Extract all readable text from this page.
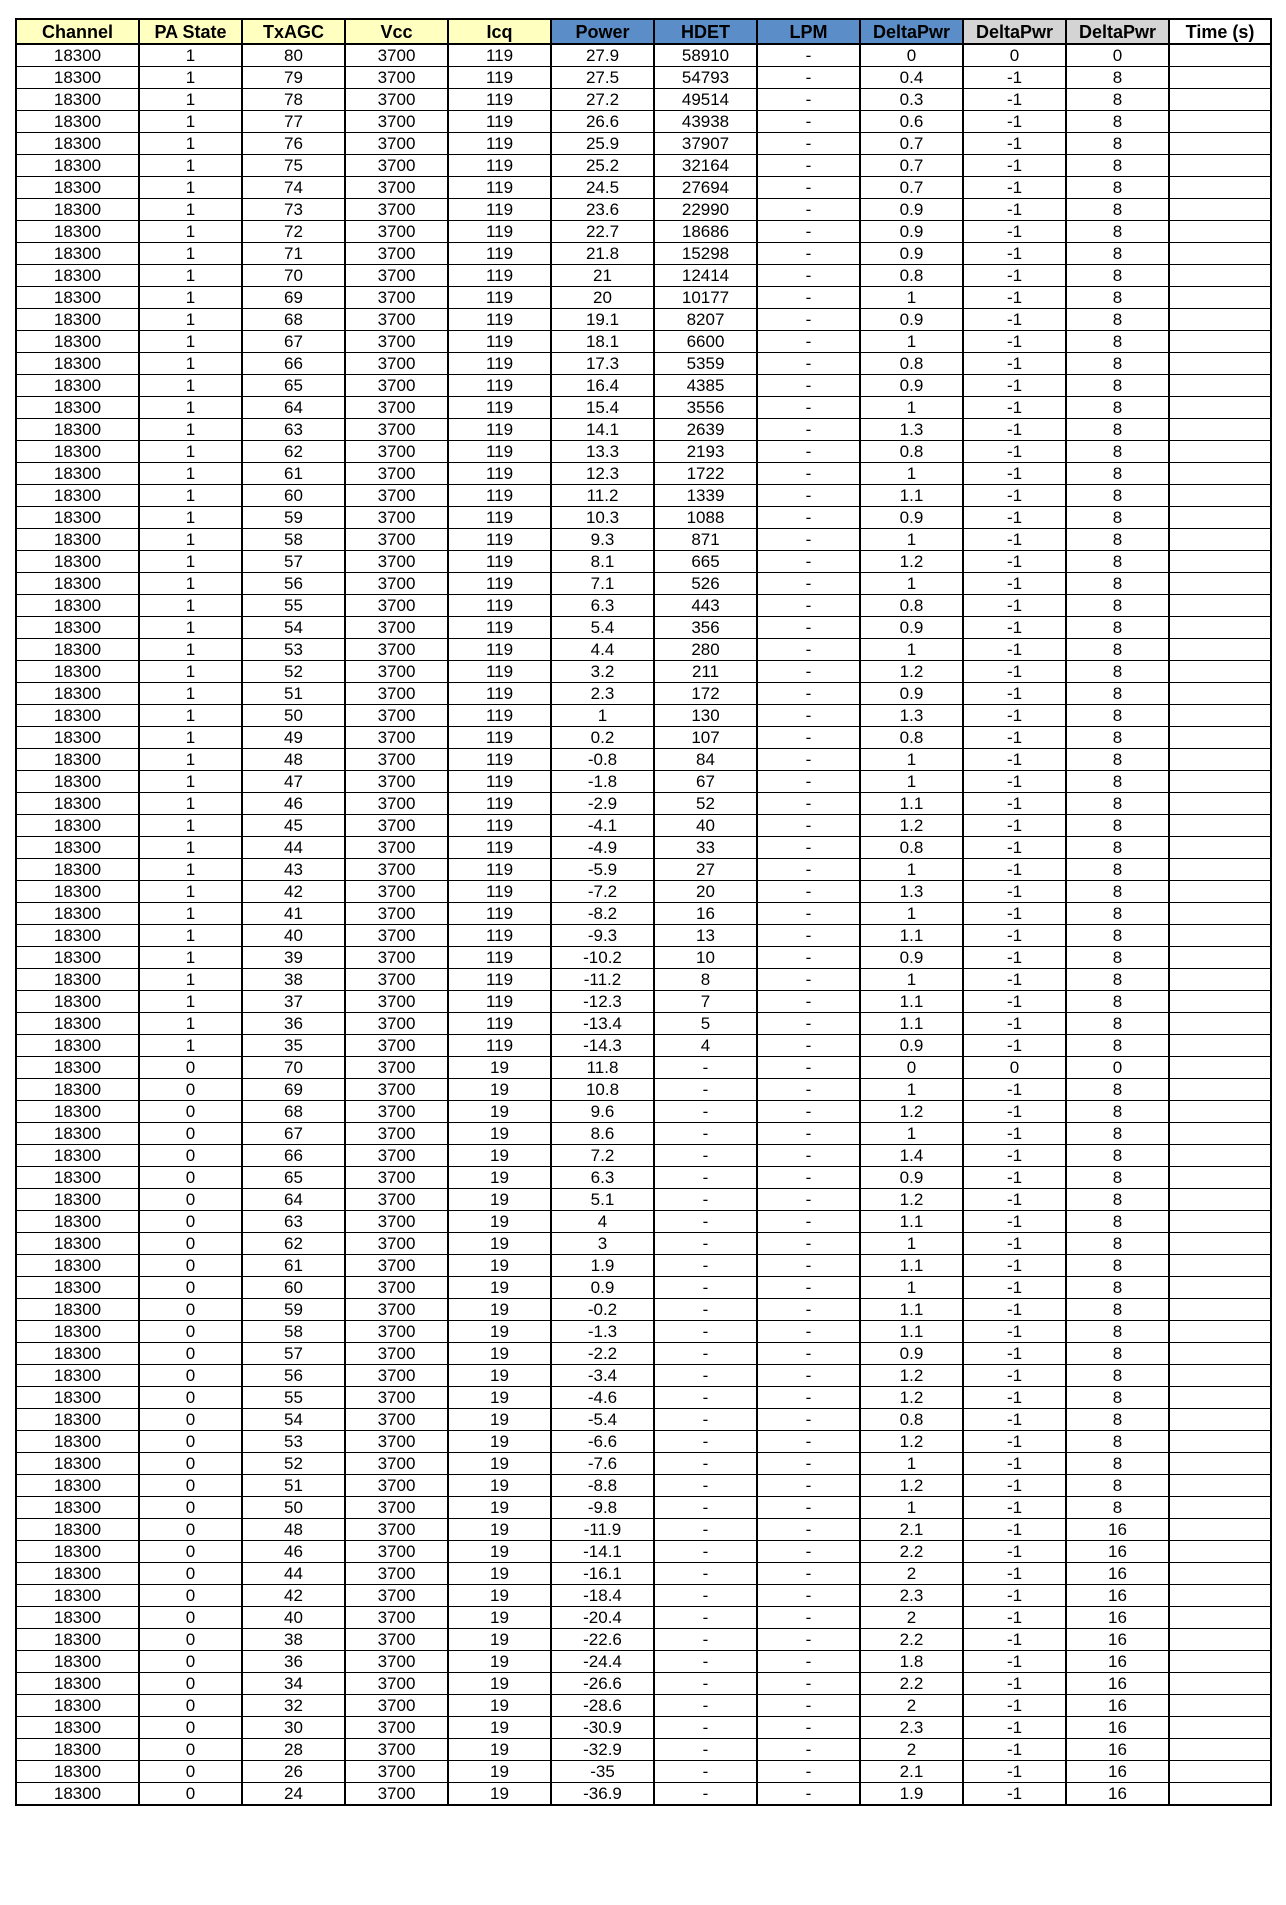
Channel	PA State	TxAGC	Vcc	Icq	Power	HDET	LPM	DeltaPwr	DeltaPwr	DeltaPwr	Time (s)
18300	1	80	3700	119	27.9	58910	-	0	0	0	
18300	1	79	3700	119	27.5	54793	-	0.4	-1	8	
18300	1	78	3700	119	27.2	49514	-	0.3	-1	8	
18300	1	77	3700	119	26.6	43938	-	0.6	-1	8	
18300	1	76	3700	119	25.9	37907	-	0.7	-1	8	
18300	1	75	3700	119	25.2	32164	-	0.7	-1	8	
18300	1	74	3700	119	24.5	27694	-	0.7	-1	8	
18300	1	73	3700	119	23.6	22990	-	0.9	-1	8	
18300	1	72	3700	119	22.7	18686	-	0.9	-1	8	
18300	1	71	3700	119	21.8	15298	-	0.9	-1	8	
18300	1	70	3700	119	21	12414	-	0.8	-1	8	
18300	1	69	3700	119	20	10177	-	1	-1	8	
18300	1	68	3700	119	19.1	8207	-	0.9	-1	8	
18300	1	67	3700	119	18.1	6600	-	1	-1	8	
18300	1	66	3700	119	17.3	5359	-	0.8	-1	8	
18300	1	65	3700	119	16.4	4385	-	0.9	-1	8	
18300	1	64	3700	119	15.4	3556	-	1	-1	8	
18300	1	63	3700	119	14.1	2639	-	1.3	-1	8	
18300	1	62	3700	119	13.3	2193	-	0.8	-1	8	
18300	1	61	3700	119	12.3	1722	-	1	-1	8	
18300	1	60	3700	119	11.2	1339	-	1.1	-1	8	
18300	1	59	3700	119	10.3	1088	-	0.9	-1	8	
18300	1	58	3700	119	9.3	871	-	1	-1	8	
18300	1	57	3700	119	8.1	665	-	1.2	-1	8	
18300	1	56	3700	119	7.1	526	-	1	-1	8	
18300	1	55	3700	119	6.3	443	-	0.8	-1	8	
18300	1	54	3700	119	5.4	356	-	0.9	-1	8	
18300	1	53	3700	119	4.4	280	-	1	-1	8	
18300	1	52	3700	119	3.2	211	-	1.2	-1	8	
18300	1	51	3700	119	2.3	172	-	0.9	-1	8	
18300	1	50	3700	119	1	130	-	1.3	-1	8	
18300	1	49	3700	119	0.2	107	-	0.8	-1	8	
18300	1	48	3700	119	-0.8	84	-	1	-1	8	
18300	1	47	3700	119	-1.8	67	-	1	-1	8	
18300	1	46	3700	119	-2.9	52	-	1.1	-1	8	
18300	1	45	3700	119	-4.1	40	-	1.2	-1	8	
18300	1	44	3700	119	-4.9	33	-	0.8	-1	8	
18300	1	43	3700	119	-5.9	27	-	1	-1	8	
18300	1	42	3700	119	-7.2	20	-	1.3	-1	8	
18300	1	41	3700	119	-8.2	16	-	1	-1	8	
18300	1	40	3700	119	-9.3	13	-	1.1	-1	8	
18300	1	39	3700	119	-10.2	10	-	0.9	-1	8	
18300	1	38	3700	119	-11.2	8	-	1	-1	8	
18300	1	37	3700	119	-12.3	7	-	1.1	-1	8	
18300	1	36	3700	119	-13.4	5	-	1.1	-1	8	
18300	1	35	3700	119	-14.3	4	-	0.9	-1	8	
18300	0	70	3700	19	11.8	-	-	0	0	0	
18300	0	69	3700	19	10.8	-	-	1	-1	8	
18300	0	68	3700	19	9.6	-	-	1.2	-1	8	
18300	0	67	3700	19	8.6	-	-	1	-1	8	
18300	0	66	3700	19	7.2	-	-	1.4	-1	8	
18300	0	65	3700	19	6.3	-	-	0.9	-1	8	
18300	0	64	3700	19	5.1	-	-	1.2	-1	8	
18300	0	63	3700	19	4	-	-	1.1	-1	8	
18300	0	62	3700	19	3	-	-	1	-1	8	
18300	0	61	3700	19	1.9	-	-	1.1	-1	8	
18300	0	60	3700	19	0.9	-	-	1	-1	8	
18300	0	59	3700	19	-0.2	-	-	1.1	-1	8	
18300	0	58	3700	19	-1.3	-	-	1.1	-1	8	
18300	0	57	3700	19	-2.2	-	-	0.9	-1	8	
18300	0	56	3700	19	-3.4	-	-	1.2	-1	8	
18300	0	55	3700	19	-4.6	-	-	1.2	-1	8	
18300	0	54	3700	19	-5.4	-	-	0.8	-1	8	
18300	0	53	3700	19	-6.6	-	-	1.2	-1	8	
18300	0	52	3700	19	-7.6	-	-	1	-1	8	
18300	0	51	3700	19	-8.8	-	-	1.2	-1	8	
18300	0	50	3700	19	-9.8	-	-	1	-1	8	
18300	0	48	3700	19	-11.9	-	-	2.1	-1	16	
18300	0	46	3700	19	-14.1	-	-	2.2	-1	16	
18300	0	44	3700	19	-16.1	-	-	2	-1	16	
18300	0	42	3700	19	-18.4	-	-	2.3	-1	16	
18300	0	40	3700	19	-20.4	-	-	2	-1	16	
18300	0	38	3700	19	-22.6	-	-	2.2	-1	16	
18300	0	36	3700	19	-24.4	-	-	1.8	-1	16	
18300	0	34	3700	19	-26.6	-	-	2.2	-1	16	
18300	0	32	3700	19	-28.6	-	-	2	-1	16	
18300	0	30	3700	19	-30.9	-	-	2.3	-1	16	
18300	0	28	3700	19	-32.9	-	-	2	-1	16	
18300	0	26	3700	19	-35	-	-	2.1	-1	16	
18300	0	24	3700	19	-36.9	-	-	1.9	-1	16	
